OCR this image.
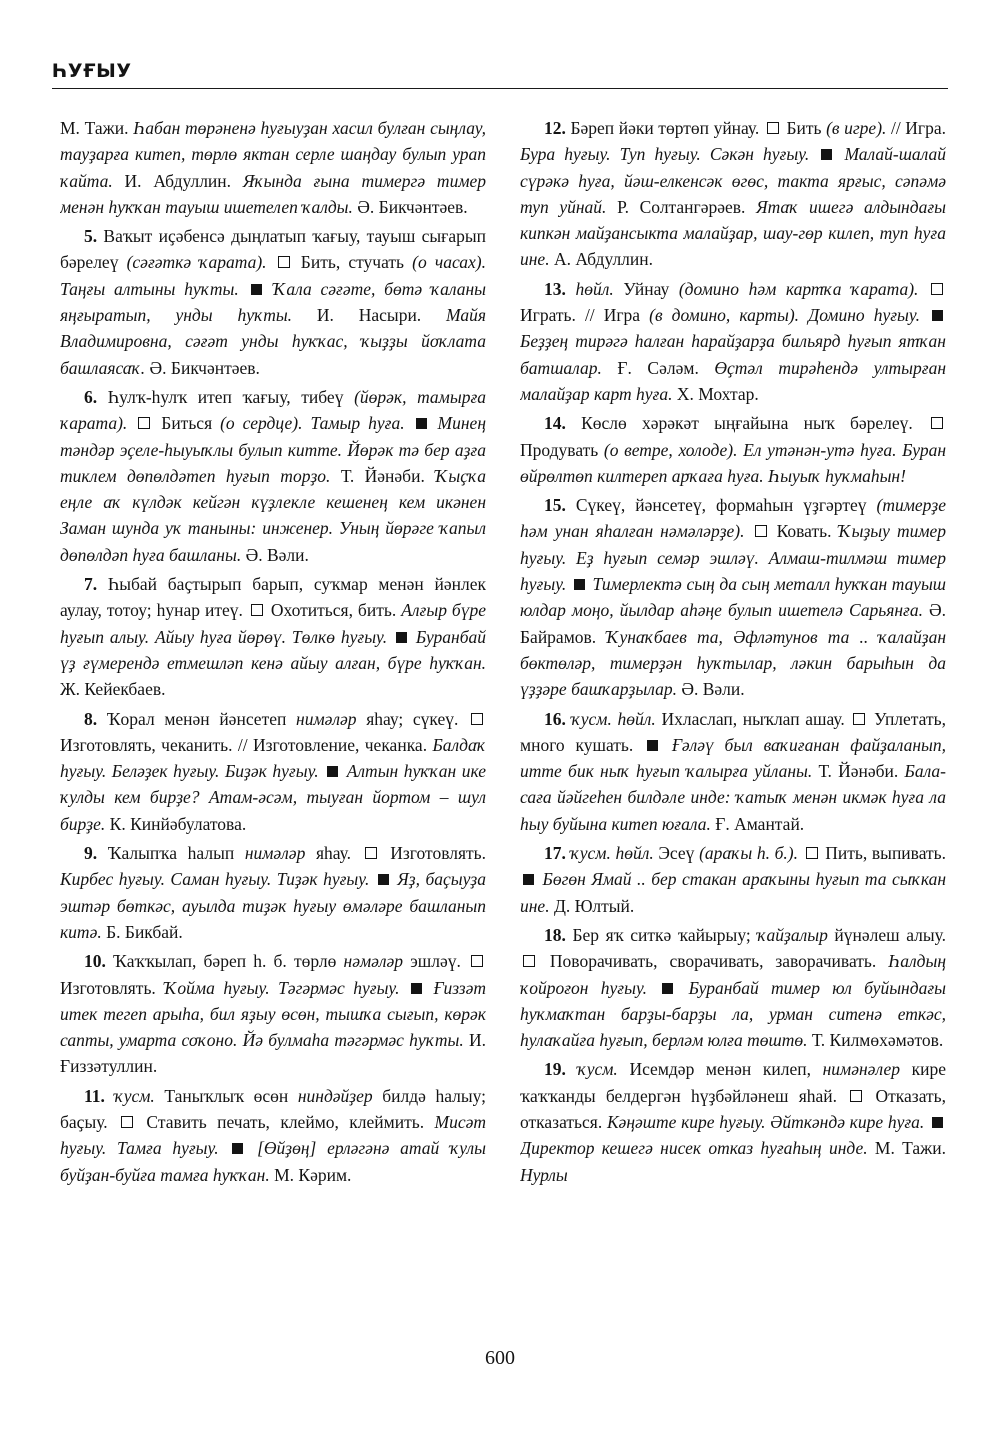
ҺУҒЫУ

М. Тажи. Һабан төрәненә һуғыуҙан хасил булған сыңлау, тауҙарға китеп, төрлө яктан серле шаңдау булып урап ҡайта. И. Абдуллин. Яҡында ғына тимергә тимер менән һуҡҡан тауыш ишетелеп ҡалды. Ә. Бикчәнтәев.

5. Ваҡыт иҫәбенсә дыңлатып ҡағыу, тауыш сығарып бәрелеү (сәғәткә ҡарата). Бить, стучать (о часах). Таңғы алтыны һуҡты. Ҡала сәғәте, бөтә ҡаланы яңғыратып, унды һуҡты. И. Насыри. Майя Владимировна, сәғәт унды һуҡҡас, ҡыҙҙы йоҡлата башлаясаҡ. Ә. Бикчәнтәев.

6. Һулҡ-һулҡ итеп ҡағыу, тибеү (йөрәк, тамырға ҡарата). Биться (о сердце). Тамыр һуға. Минең тәндәр эҫеле-һыуыҡлы булып китте. Йөрәк тә бер аҙға тиклем дөпөлдәтеп һуғып торҙо. Т. Йәнәби. Ҡыҫҡа еңле аҡ күлдәк кейгән күҙлекле кешенең кем икәнен Заман шунда уҡ таныны: инженер. Уның йөрәге ҡапыл дөпөлдәп һуға башланы. Ә. Вәли.

7. Һыбай баҫтырып барып, суҡмар менән йәнлек аулау, тотоу; һунар итеү. Охотиться, бить. Алғыр бүре һуғып алыу. Айыу һуға йөрөү. Төлкө һуғыу. Буранбай үҙ ғүмерендә етмешләп кенә айыу алған, бүре һуҡҡан. Ж. Кейекбаев.

8. Ҡорал менән йәнсетеп нимәләр яһау; сүкеү.  Изготовлять, чеканить. // Изготовление, чеканка. Балдаҡ һуғыу. Беләҙек һуғыу. Биҙәк һуғыу. Алтын һуҡҡан ике ҡулды кем бирҙе? Атам-әсәм, тыуған йортом – шул бирҙе. К. Кинйәбулатова.

9. Ҡалыпҡа һалып нимәләр яһау. Изготовлять. Кирбес һуғыу. Саман һуғыу. Тиҙәк һуғыу. Яҙ, баҫыуҙа эштәр бөткәс, ауылда тиҙәк һуғыу өмәләре башланып китә. Б. Бикбай.

10. Ҡаҡҡылап, бәреп һ. б. төрлө нәмәләр эшләү.  Изготовлять. Ҡойма һуғыу. Тәгәрмәс һуғыу. Ғиззәт итек тегеп арыһа, бил яҙыу өсөн, тышҡа сығып, көрәк сапты, умарта соҡоно. Йә булмаһа тәгәрмәс һуҡты. И. Ғиззәтуллин.

11. ҡусм. Таныҡлыҡ өсөн ниндәйҙер билдә һалыу; баҫыу. Ставить печать, клеймо, клеймить. Мисәт һуғыу. Тамға һуғыу. [Өйҙөң] ерләгәнә атай ҡулы буйҙан-буйға тамға һуҡҡан. М. Кәрим.

12. Бәреп йәки төртөп уйнау. Бить (в игре). // Игра. Бура һуғыу. Туп һуғыу. Сәкән һуғыу. Малай-шалай сүрәкә һуға, йәш-елкенсәк өгөс, такта ярғыс, сәпәмә туп уйнай. Р. Солтангәрәев. Ятаҡ ишегә алдындағы кипкән майҙансыкта малайҙар, шау-гөр килеп, туп һуға ине. А. Абдуллин.

13. һөйл. Уйнау (домино һәм картҡа ҡарата).  Играть. // Игра (в домино, карты). Домино һуғыу.  Беҙҙең тирәгә һалған һарайҙарҙа бильярд һуғып ятҡан батшалар. Ғ. Сәләм. Өҫтәл тирәһендә ултырған малайҙар карт һуға. Х. Мохтар.

14. Көслө хәрәкәт ыңғайына ныҡ бәрелеү.  Продувать (о ветре, холоде). Ел утәнән-утә һуға. Буран өйрөлтөп килтереп арҡаға һуға. Һыуыҡ һуҡмаһын!

15. Сүкеү, йәнсетеү, формаһын үҙгәртеү (тимерҙе һәм унан яһалған нәмәләрҙе). Ковать. Ҡыҙыу тимер һуғыу. Еҙ һуғып семәр эшләү. Алмаш-тилмәш тимер һуғыу. Тимерлектә сың да сың металл һуҡҡан тауыш юлдар моңо, йылдар аһәңе булып ишетелә Сарьянға. Ә. Байрамов. Ҡунаҡбаев та, Әфләтунов та .. ҡалайҙан бөктөләр, тимерҙән һуҡтылар, ләкин барыһын да үҙҙәре башҡарҙылар. Ә. Вәли.

16. ҡусм. һөйл. Ихласлап, ныҡлап ашау. Уплетать, много кушать. Ғәләү был ваҡиғанан файҙаланып, итте бик ныҡ һуғып ҡалырға уйланы. Т. Йәнәби. Бала-саға йәйгеһен билдәле инде: ҡатыҡ менән икмәк һуға ла һыу буйына китеп юғала. Ғ. Амантай.

17. ҡусм. һөйл. Эсеү (араҡы һ. б.). Пить, выпивать.  Бөгөн Ямай .. бер стакан араҡыны һуғып та сыҡкан ине. Д. Юлтый.

18. Бер яҡ ситкә ҡайырыу; ҡайҙалыр йүнәлеш алыу.  Поворачивать, сворачивать, заворачивать. Һалдың ҡойроғон һуғыу. Буранбай тимер юл буйындағы һуҡмаҡтан барҙы-барҙы ла, урман ситенә еткәс, һулаҡайға һуғып, берләм юлға төштө. Т. Килмөхәмәтов.

19. ҡусм. Исемдәр менән килеп, нимәнәлер кире ҡаҡҡанды белдергән һүҙбәйләнеш яһай. Отказать, отказаться. Кәңәште кире һуғыу. Әйткәндә кире һуға.  Директор кешегә нисек отказ һуғаһың инде. М. Тажи. Нурлы

600
